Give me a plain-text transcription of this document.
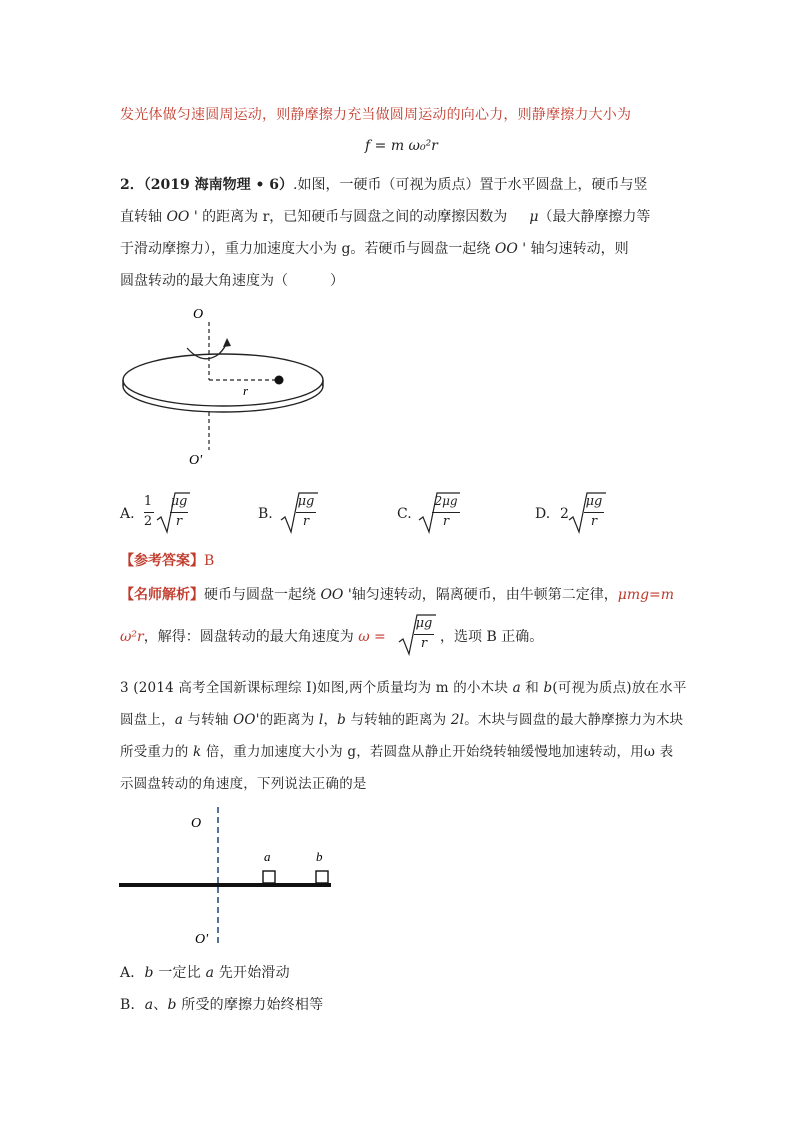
发光体做匀速圆周运动，则静摩擦力充当做圆周运动的向心力，则静摩擦力大小为
f = m ω₀²r
2．（2019 海南物理 • 6）.如图，一硬币（可视为质点）置于水平圆盘上，硬币与竖
直转轴 OO ' 的距离为 r，已知硬币与圆盘之间的动摩擦因数为 μ（最大静摩擦力等
于滑动摩擦力），重力加速度大小为 g。若硬币与圆盘一起绕 OO ' 轴匀速转动，则
圆盘转动的最大角速度为（　　　）
O
r
O'
A.
1
2
μg
r	B.
μg
r	C.
2μg
r	D. 2
μg
r
【参考答案】B
【名师解析】硬币与圆盘一起绕 OO '轴匀速转动，隔离硬币，由牛顿第二定律，μmg=m
ω²r，解得：圆盘转动的最大角速度为 ω =
μg
r ，选项 B 正确。
3 (2014 高考全国新课标理综 I)如图,两个质量均为 m 的小木块 a 和 b(可视为质点)放在水平
圆盘上，a 与转轴 OO'的距离为 l，b 与转轴的距离为 2l。木块与圆盘的最大静摩擦力为木块
所受重力的 k 倍，重力加速度大小为 g，若圆盘从静止开始绕转轴缓慢地加速转动，用ω 表
示圆盘转动的角速度，下列说法正确的是
O
a	b
O'
A．b 一定比 a 先开始滑动
B．a、b 所受的摩擦力始终相等
